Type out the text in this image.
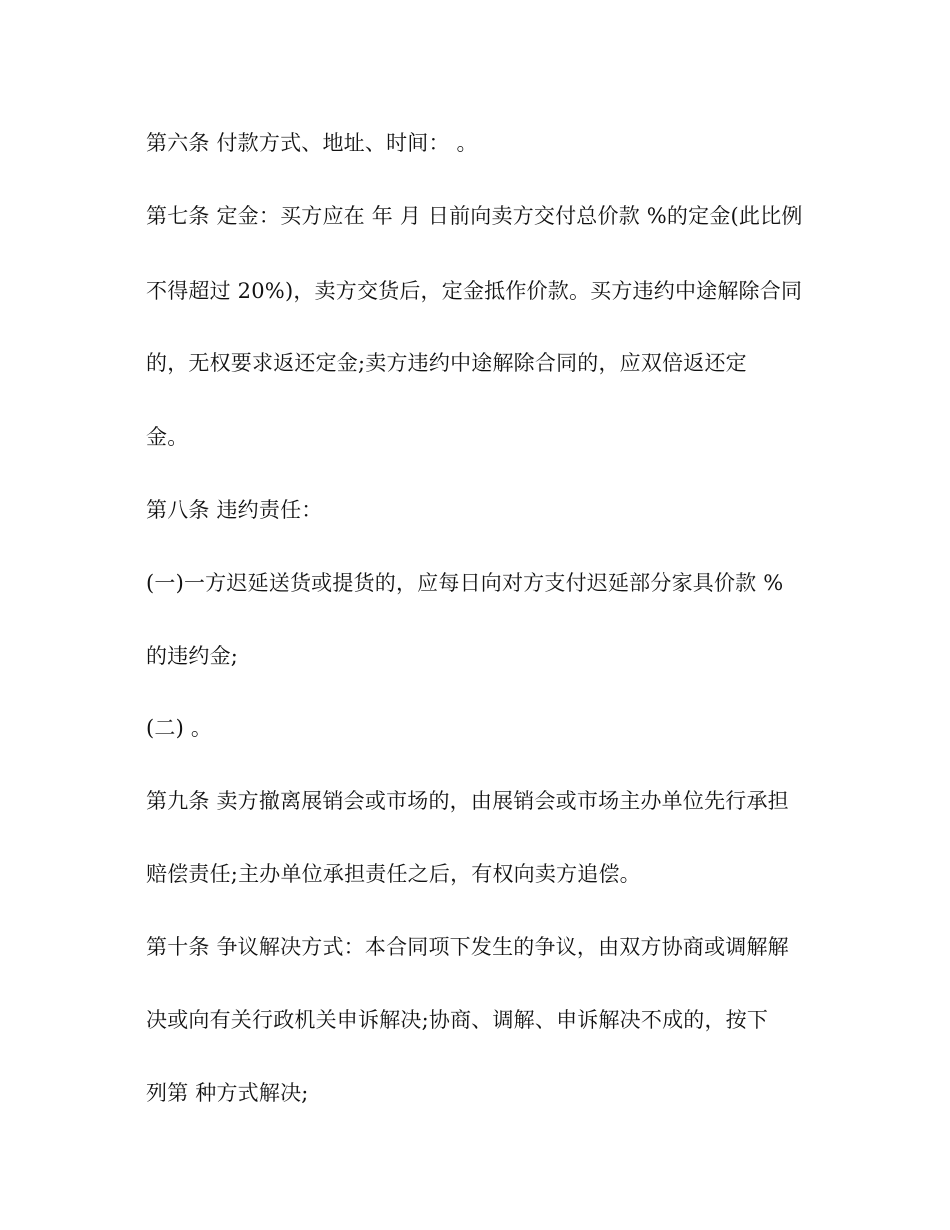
第六条 付款方式、地址、时间： 。
第七条 定金：买方应在 年 月 日前向卖方交付总价款 %的定金(此比例
不得超过 20%)，卖方交货后，定金抵作价款。买方违约中途解除合同
的，无权要求返还定金;卖方违约中途解除合同的，应双倍返还定
金。
第八条 违约责任：
(一)一方迟延送货或提货的，应每日向对方支付迟延部分家具价款 %
的违约金;
(二) 。
第九条 卖方撤离展销会或市场的，由展销会或市场主办单位先行承担
赔偿责任;主办单位承担责任之后，有权向卖方追偿。
第十条 争议解决方式：本合同项下发生的争议，由双方协商或调解解
决或向有关行政机关申诉解决;协商、调解、申诉解决不成的，按下
列第 种方式解决;
